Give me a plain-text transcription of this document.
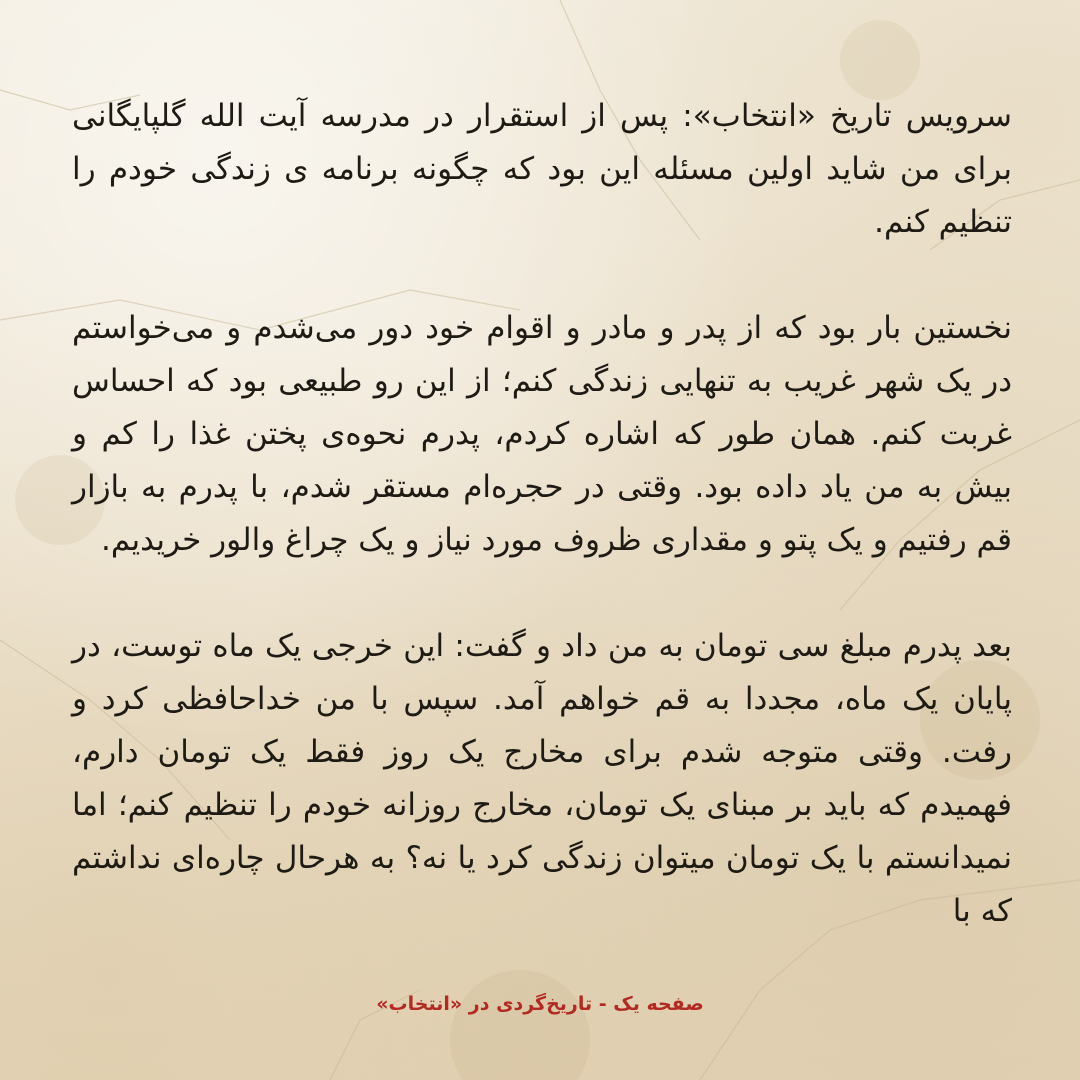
سرویس تاریخ «انتخاب»: پس از استقرار در مدرسه آیت الله گلپایگانی برای من شاید اولین مسئله این بود که چگونه برنامه ی زندگی خودم را تنظیم کنم.

نخستین بار بود که از پدر و مادر و اقوام خود دور می‌شدم و می‌خواستم در یک شهر غریب به تنهایی زندگی کنم؛ از این رو طبیعی بود که احساس غربت کنم. همان طور که اشاره کردم، پدرم نحوه‌ی پختن غذا را کم و بیش به من یاد داده بود. وقتی در حجره‌ام مستقر شدم، با پدرم به بازار قم رفتیم و یک پتو و مقداری ظروف مورد نیاز و یک چراغ والور خریدیم.

بعد پدرم مبلغ سی تومان به من داد و گفت: این خرجی یک ماه توست، در پایان یک ماه، مجددا به قم خواهم آمد. سپس با من خداحافظی کرد و رفت. وقتی متوجه شدم برای مخارج یک روز فقط یک تومان دارم، فهمیدم که باید بر مبنای یک تومان، مخارج روزانه خودم را تنظیم کنم؛ اما نمیدانستم با یک تومان میتوان زندگی کرد یا نه؟ به هرحال چاره‌ای نداشتم که با

صفحه یک - تاریخ‌گردی در «انتخاب»
